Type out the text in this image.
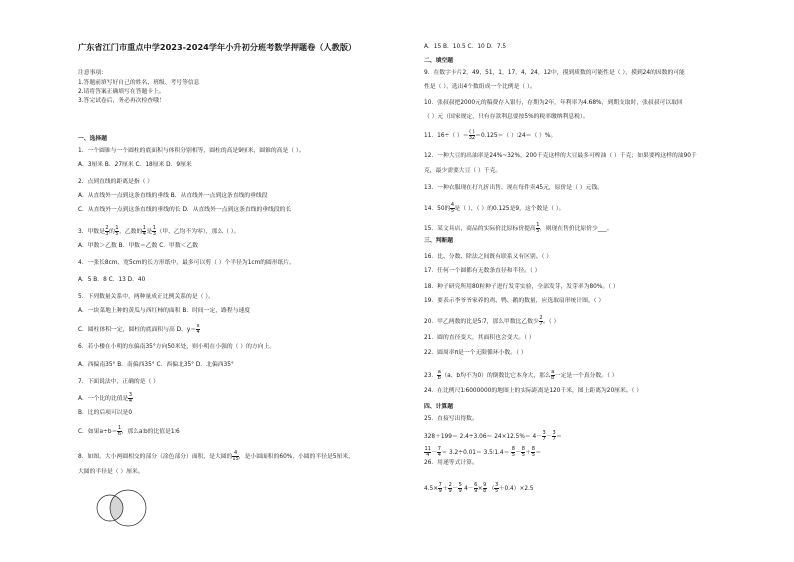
广东省江门市重点中学2023-2024学年小升初分班考数学押题卷（人教版）
注意事项:
1.答题前填写好自己的姓名、班级、考号等信息
2.请将答案正确填写在答题卡上。
3.答完试卷后，务必再次检查哦！
一、选择题
1．一个圆锥与一个圆柱的底面积与体积分别相等，圆柱的高是9厘米，圆锥的高是（ ）。
A．3厘米 B．27厘米 C．18厘米 D．9厘米
2．点到直线的距离是指（ ）
A．从直线外一点到这条直线的垂线 B．从直线外一点到这条直线的垂线段
C．从直线外一点到这条直线的垂线的长 D．从直线外一点到这条直线的垂线段的长
3．甲数是 $\frac{2}{3}$ 的 $\frac{1}{5}$ ，乙数的 $\frac{1}{4}$ 是 $\frac{1}{3}$ （甲、乙均不为零），那么（ ）。
A．甲数＞乙数 B．甲数＝乙数 C．甲数＜乙数
4．一张长8cm、宽5cm的长方形纸中，最多可以剪（ ）个半径为1cm的圆形纸片。
A．5 B．8 C．13 D．40
5．下列数量关系中，两种量成正比例关系的是（ ）。
A．一块菜地上种的黄瓜与西红柿的面积 B．时间一定，路程与速度
C．圆柱体积一定，圆柱的底面积与高 D．$y= \frac{x}{4}$
6．若小楼在小明的东偏南35°方向50米处，则小明在小强的（ ）的方向上。
A．西偏南35° B．南偏西35° C．西偏北35° D．北偏西35°
7．下面说法中，正确的是（ ）
A．一个比的比值是 $\frac{3}{4}$
B．比的后项可以是0
C．如果$a\div b= \frac{1}{6}$ ，那么a∶b的比值是1∶6
8．如图，大小两圆相交的部分（涂色部分）面积，是大圆的 $\frac{4}{15}$ ，是小圆面积的60%，小圆的半径是5厘米，
大圆的半径是（ ）厘米。
A．15 B．10.5 C．10 D．7.5
二、填空题
9．在数字卡片2，49，51，1，17，4，24，12中，摸到质数的可能性是（ ），摸到24的因数的可能
性是（ ），选出4个数组成一个比例是（ ）。
10．张叔叔把2000元的稿费存入银行，存期为2年，年利率为4.68%，到期支取时，张叔叔可以取回
（ ）元（国家规定，只有存款利息要按5%的税率缴纳利息税）。
11．16÷（ ）＝ $\frac{( )}{32} =0.125=$（ ）∶24＝（ ）%。
12．一种大豆的出油率是24%~32%，200千克这样的大豆最多可榨油（ ）千克；如果要榨这样的油90千
克，最少需要大豆（ ）千克。
13．一种衣服现在打九折出售，现在每件卖45元，原价是（ ）元钱。
14．50的 $\frac{4}{5}$ 是（ ），（ ）的0.125是9，这个数是（ ）。
15．某文具店，商品的实际价比原标价提高 $\frac{1}{5}$ ，则现在售价比原价少___。
三、判断题
16．比、分数、除法之间既有联系又有区别。（ ）
17．任何一个圆都有无数条直径和半径。（ ）
18．种子研究所用80粒种子进行发芽实验，全部发芽，发芽率为80%。（ ）
19．要表示李爷爷家养的鸡、鸭、鹅的数量，应选取扇形统计图。（ ）
20．甲乙两数的比是5∶7，那么甲数比乙数少 $\frac{2}{7}$ 。（ ）
21．圆的直径变大，其面积也会变大。（ ）
22．圆周率π是一个无限循环小数。（ ）
23． $\frac{a}{b} (a$、b均不为0）的倒数比它本身大，那么 $\frac{a}{b}$ 一定是一个真分数。（ ）
24．在比例尺1∶6000000的地图上的实际距离是120千米，图上距离为20厘米。（ ）
四、计算题
25．直接写出得数。
$328+199= 2.4\div 3.06= 24\times 12.5\%= 4- \frac{3}{7} - \frac{3}{7}$ ＝
$\frac{11}{4} - \frac{7}{4} = 3.2\div 0.01=$ 3.5∶1.4＝ $\frac{8}{5} - \frac{8}{5} + \frac{8}{5}$ ＝
26．用递等式计算。
$4.5\times \frac{7}{9} + \frac{2}{9} - \frac{5}{9} 4- \frac{6}{9} \times \frac{9}{8}$ （ $\frac{3}{5} +0.4)\times 2.5$
